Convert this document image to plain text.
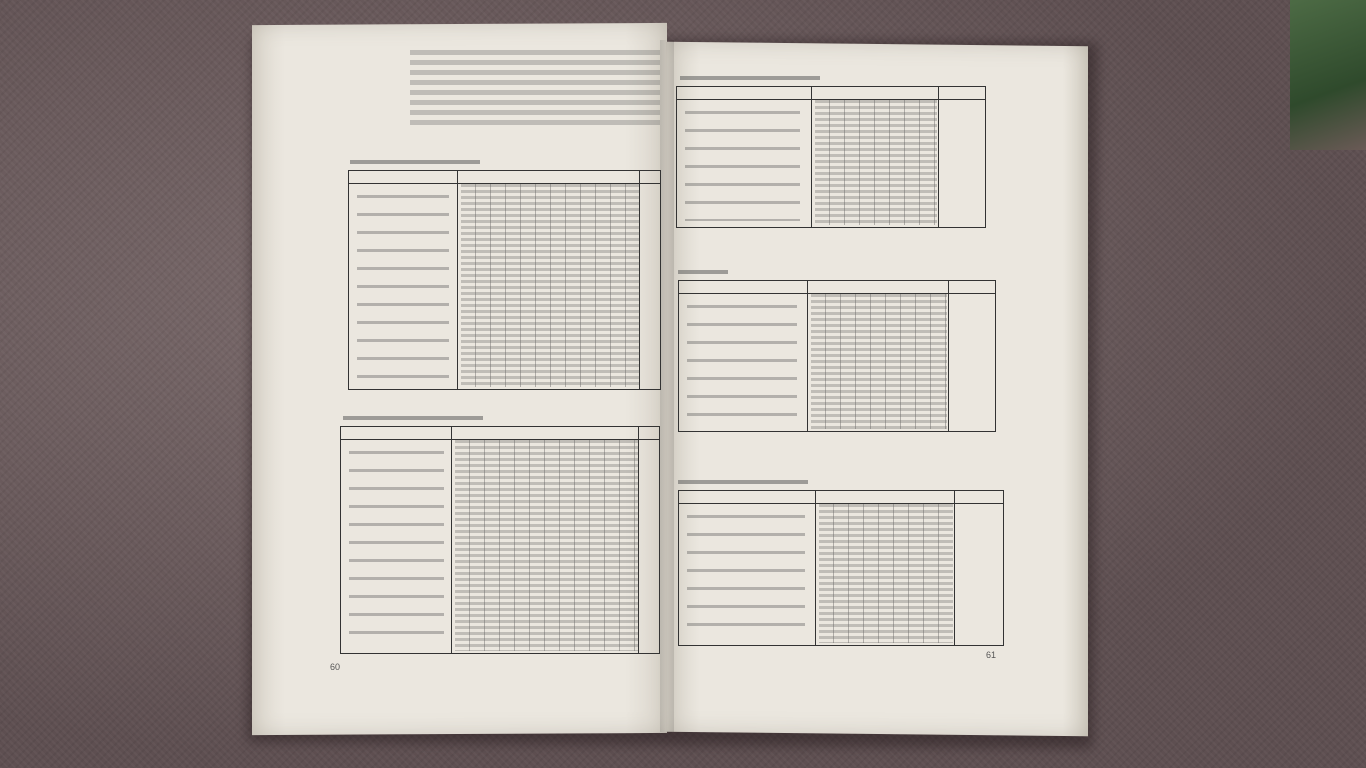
60
61
